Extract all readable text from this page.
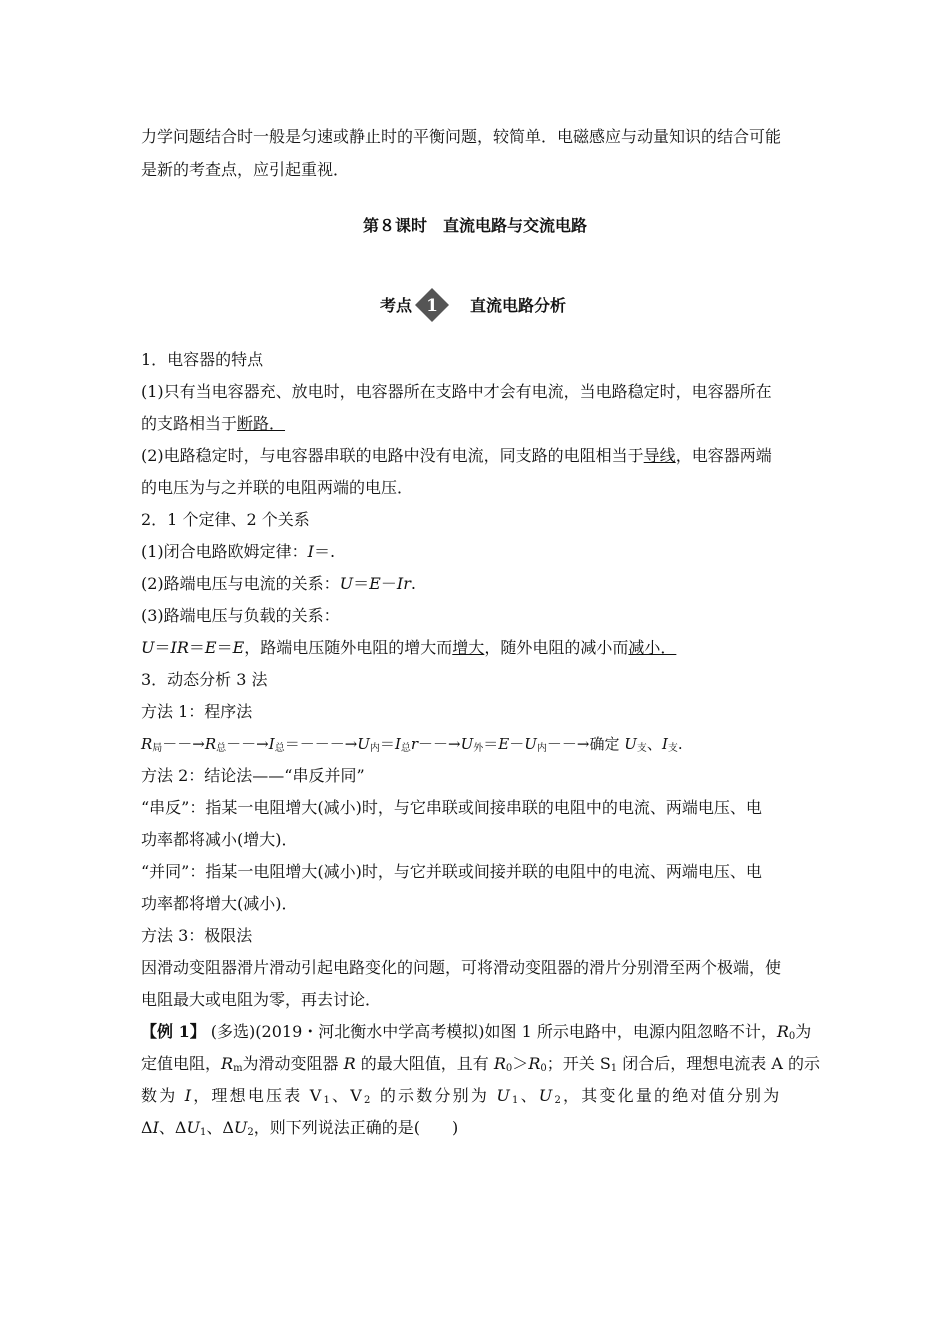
力学问题结合时一般是匀速或静止时的平衡问题，较简单．电磁感应与动量知识的结合可能
是新的考查点，应引起重视．
第８课时　直流电路与交流电路
考点 1 直流电路分析
1．电容器的特点
(1)只有当电容器充、放电时，电容器所在支路中才会有电流，当电路稳定时，电容器所在
的支路相当于断路．
(2)电路稳定时，与电容器串联的电路中没有电流，同支路的电阻相当于导线，电容器两端
的电压为与之并联的电阻两端的电压．
2．1 个定律、2 个关系
(1)闭合电路欧姆定律：I＝.
(2)路端电压与电流的关系：U＝E－Ir.
(3)路端电压与负载的关系：
U＝IR＝E＝E，路端电压随外电阻的增大而增大，随外电阻的减小而减小．
3．动态分析 3 法
方法 1：程序法
$R_局--\to R_总--\to I_总=---\to U_内=I_总r--\to U_外=E-U_内--\to$确定 $U_支$、$I_支$.
方法 2：结论法——“串反并同”
“串反”：指某一电阻增大(减小)时，与它串联或间接串联的电阻中的电流、两端电压、电
功率都将减小(增大)．
“并同”：指某一电阻增大(减小)时，与它并联或间接并联的电阻中的电流、两端电压、电
功率都将增大(减小)．
方法 3：极限法
因滑动变阻器滑片滑动引起电路变化的问题，可将滑动变阻器的滑片分别滑至两个极端，使
电阻最大或电阻为零，再去讨论．
【例 1】 (多选)(2019・河北衡水中学高考模拟)如图 1 所示电路中，电源内阻忽略不计，$R_0$为
定值电阻，$R_m$为滑动变阻器 R 的最大阻值，且有 $R_0>R_0$；开关 $S_1$ 闭合后，理想电流表 A 的示
数为 I，理想电压表 $V_1$、$V_2$ 的示数分别为 $U_1$、$U_2$，其变化量的绝对值分别为
ΔI、$\Delta U_1$、$\Delta U_2$，则下列说法正确的是(　　)
